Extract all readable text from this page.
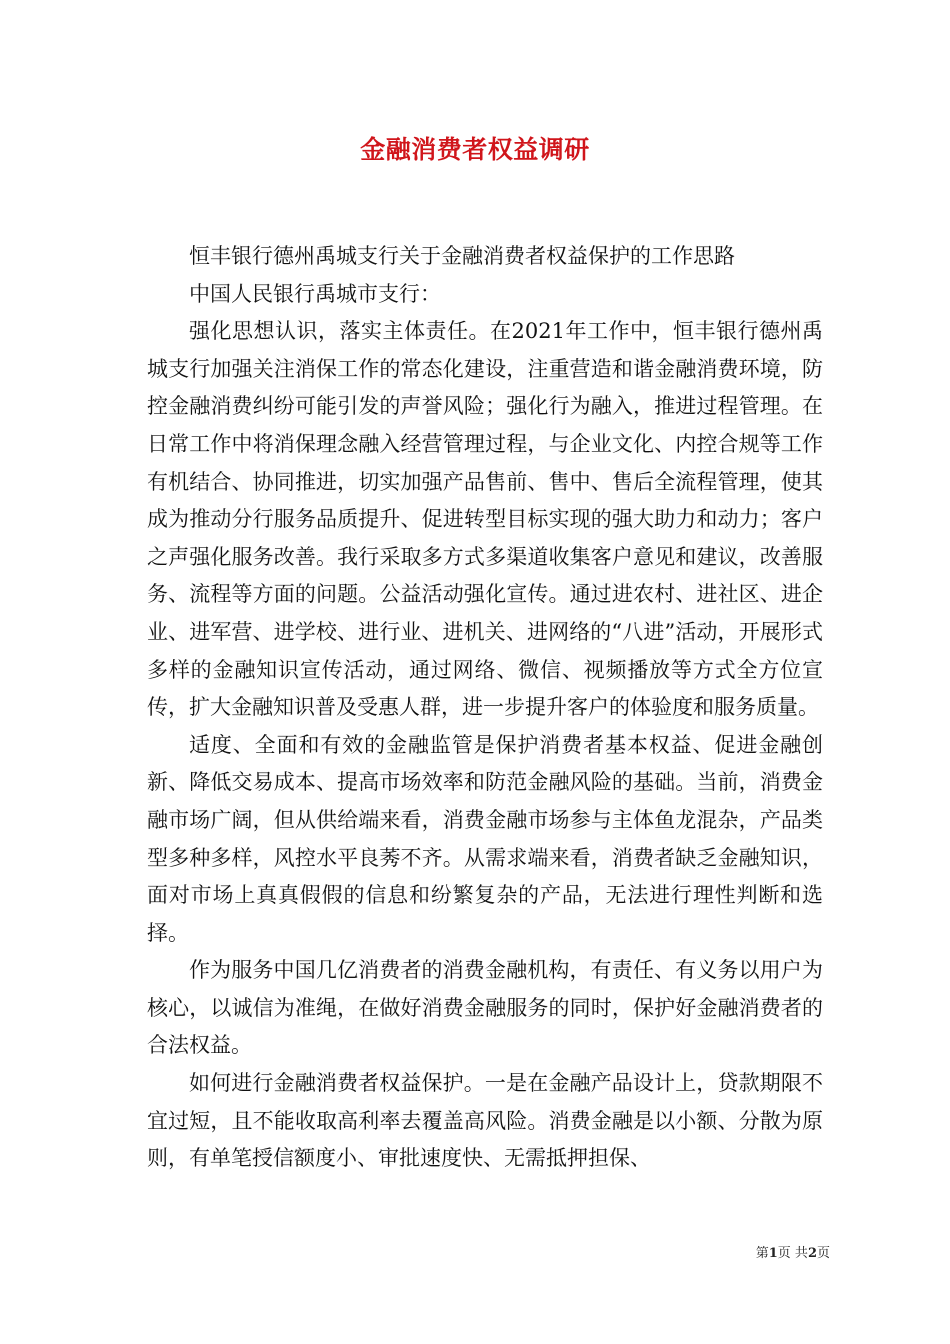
金融消费者权益调研

恒丰银行德州禹城支行关于金融消费者权益保护的工作思路

中国人民银行禹城市支行：

强化思想认识，落实主体责任。在2021年工作中，恒丰银行德州禹城支行加强关注消保工作的常态化建设，注重营造和谐金融消费环境，防控金融消费纠纷可能引发的声誉风险；强化行为融入，推进过程管理。在日常工作中将消保理念融入经营管理过程，与企业文化、内控合规等工作有机结合、协同推进，切实加强产品售前、售中、售后全流程管理，使其成为推动分行服务品质提升、促进转型目标实现的强大助力和动力；客户之声强化服务改善。我行采取多方式多渠道收集客户意见和建议，改善服务、流程等方面的问题。公益活动强化宣传。通过进农村、进社区、进企业、进军营、进学校、进行业、进机关、进网络的“八进”活动，开展形式多样的金融知识宣传活动，通过网络、微信、视频播放等方式全方位宣传，扩大金融知识普及受惠人群，进一步提升客户的体验度和服务质量。

适度、全面和有效的金融监管是保护消费者基本权益、促进金融创新、降低交易成本、提高市场效率和防范金融风险的基础。当前，消费金融市场广阔，但从供给端来看，消费金融市场参与主体鱼龙混杂，产品类型多种多样，风控水平良莠不齐。从需求端来看，消费者缺乏金融知识，面对市场上真真假假的信息和纷繁复杂的产品，无法进行理性判断和选择。

作为服务中国几亿消费者的消费金融机构，有责任、有义务以用户为核心，以诚信为准绳，在做好消费金融服务的同时，保护好金融消费者的合法权益。

如何进行金融消费者权益保护。一是在金融产品设计上，贷款期限不宜过短，且不能收取高利率去覆盖高风险。消费金融是以小额、分散为原则，有单笔授信额度小、审批速度快、无需抵押担保、

第1页 共2页
